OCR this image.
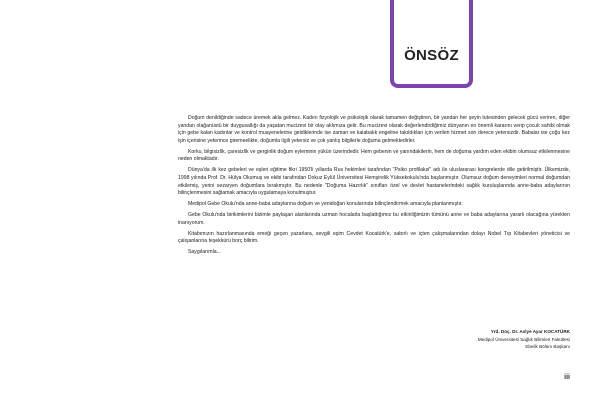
ÖNSÖZ

Doğum denildiğinde sadece üremek akla gelmez. Kadını fizyolojik ve psikolojik olarak tamamen değiştiren, bir yandan her şeyin tutesinden gelecek gücü veriren, diğer yandan olağanüstü bir duygusallığı da yaşatan mucizevi bir olay aklımıza gelir. Bu mucizevi olarak değerlendirdiğimiz dünyanın en önemli kararını verip çocuk sahibi olmak için gebe kalan kadınlar ve kontrol muayenelerine geldiklerinde ise zaman ve kalabalık engeline takıldıkları için verilen hizmet son derece yetersizdir. Babalar ise çoğu kez işin içerisine yeterince giremeelikte, doğumla ilgili yetersiz ve çok yanlış bilgilerle doğuma gelmektedirler.

Korku, bilgisizlik, çaresizlik ve gerginlik doğum eyleminin yükün üzerindedir. Hem gebenin ve yanındakilerin, hem de doğuma yardım eden ekibin olumsuz etkilenmesine neden olmaktadır.

Dünya'da ilk kez gebeleri ve eşleri eğitime fikri 1950'li yıllarda Rus hekimleri tarafından "Psiko profilaksi" adı ile uluslararası kongrelerde dile getirilmiştir. Ülkemizde, 1998 yılında Prof. Dr. Hülya Okumuş ve ekibi tarafından Dokuz Eylül Üniversitesi Hemşirelik Yüksekokulu'nda başlanmıştır. Olumsuz doğum deneyimleri normal doğumdan etkilemiş, yerini sezaryen doğumlara bırakmıştır. Bu nedenle "Doğuma Hazırlık" sınıfları özel ve devlet hastanelerindeki sağlık kuruluşlarında anne-baba adaylarının bilinçlenmesini sağlamak amacıyla uygulamaya konulmuştur.

Medipol Gebe Okulu'nda anne-baba adaylarına doğum ve yenidoğan konularında bilinçlendirmek amacıyla planlanmıştır.

Gebe Okulu'nda birikimlerini bizimle paylaşan alanlarında uzman hocalarla başlattığımız bu etkinliğimizin tümünü anne ve baba adaylarına yararlı olacağına yürekten inanıyorum.

Kitabımızın hazırlanmasında emeği geçen yazarlara, sevgili eşim Cevdet Kocatürk'e, sabırlı ve içten çalışmalarından dolayı Nobel Tıp Kitabevleri yöneticisi ve çalışanlarına teşekkürü borç bilirim.

Saygılarımla...

Yrd. Doç. Dr. Aslye Ayar KOCATÜRK
Medipol Üniversitesi Sağlık Bilimleri Fakültesi
Ebelik Bölüm Başkanı
iii
